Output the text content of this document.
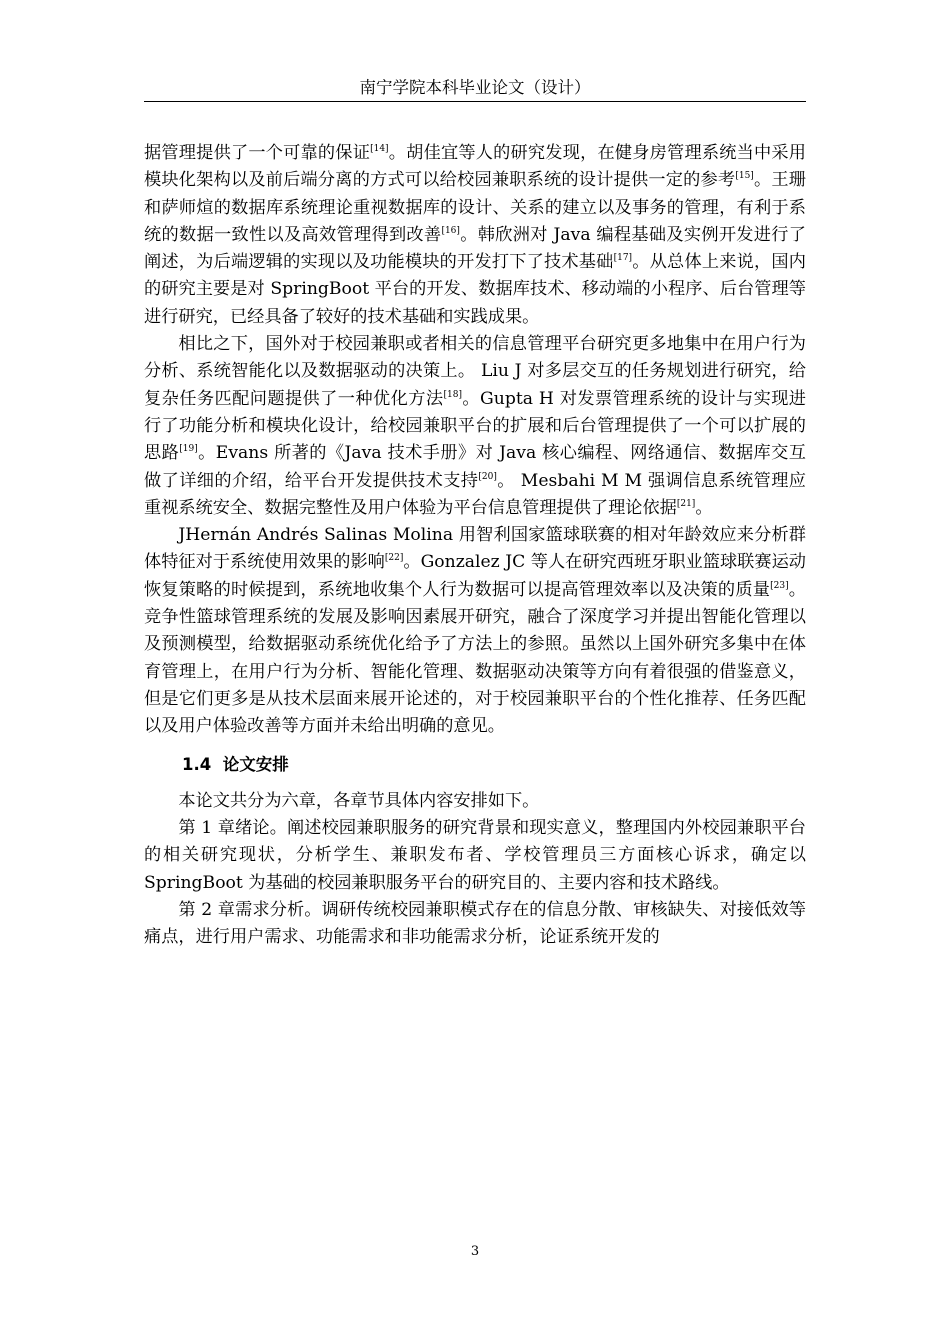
南宁学院本科毕业论文（设计）

据管理提供了一个可靠的保证[14]。胡佳宜等人的研究发现，在健身房管理系统当中采用模块化架构以及前后端分离的方式可以给校园兼职系统的设计提供一定的参考[15]。王珊和萨师煊的数据库系统理论重视数据库的设计、关系的建立以及事务的管理，有利于系统的数据一致性以及高效管理得到改善[16]。韩欣洲对 Java 编程基础及实例开发进行了阐述，为后端逻辑的实现以及功能模块的开发打下了技术基础[17]。从总体上来说，国内的研究主要是对 SpringBoot 平台的开发、数据库技术、移动端的小程序、后台管理等进行研究，已经具备了较好的技术基础和实践成果。

相比之下，国外对于校园兼职或者相关的信息管理平台研究更多地集中在用户行为分析、系统智能化以及数据驱动的决策上。 Liu J 对多层交互的任务规划进行研究，给复杂任务匹配问题提供了一种优化方法[18]。Gupta H 对发票管理系统的设计与实现进行了功能分析和模块化设计，给校园兼职平台的扩展和后台管理提供了一个可以扩展的思路[19]。Evans 所著的《Java 技术手册》对 Java 核心编程、网络通信、数据库交互做了详细的介绍，给平台开发提供技术支持[20]。 Mesbahi M M 强调信息系统管理应重视系统安全、数据完整性及用户体验为平台信息管理提供了理论依据[21]。

JHernán Andrés Salinas Molina 用智利国家篮球联赛的相对年龄效应来分析群体特征对于系统使用效果的影响[22]。Gonzalez JC 等人在研究西班牙职业篮球联赛运动恢复策略的时候提到，系统地收集个人行为数据可以提高管理效率以及决策的质量[23]。竞争性篮球管理系统的发展及影响因素展开研究，融合了深度学习并提出智能化管理以及预测模型，给数据驱动系统优化给予了方法上的参照。虽然以上国外研究多集中在体育管理上，在用户行为分析、智能化管理、数据驱动决策等方向有着很强的借鉴意义，但是它们更多是从技术层面来展开论述的，对于校园兼职平台的个性化推荐、任务匹配以及用户体验改善等方面并未给出明确的意见。

1.4 论文安排

本论文共分为六章，各章节具体内容安排如下。

第 1 章绪论。阐述校园兼职服务的研究背景和现实意义，整理国内外校园兼职平台的相关研究现状，分析学生、兼职发布者、学校管理员三方面核心诉求，确定以 SpringBoot 为基础的校园兼职服务平台的研究目的、主要内容和技术路线。

第 2 章需求分析。调研传统校园兼职模式存在的信息分散、审核缺失、对接低效等痛点，进行用户需求、功能需求和非功能需求分析，论证系统开发的

3
